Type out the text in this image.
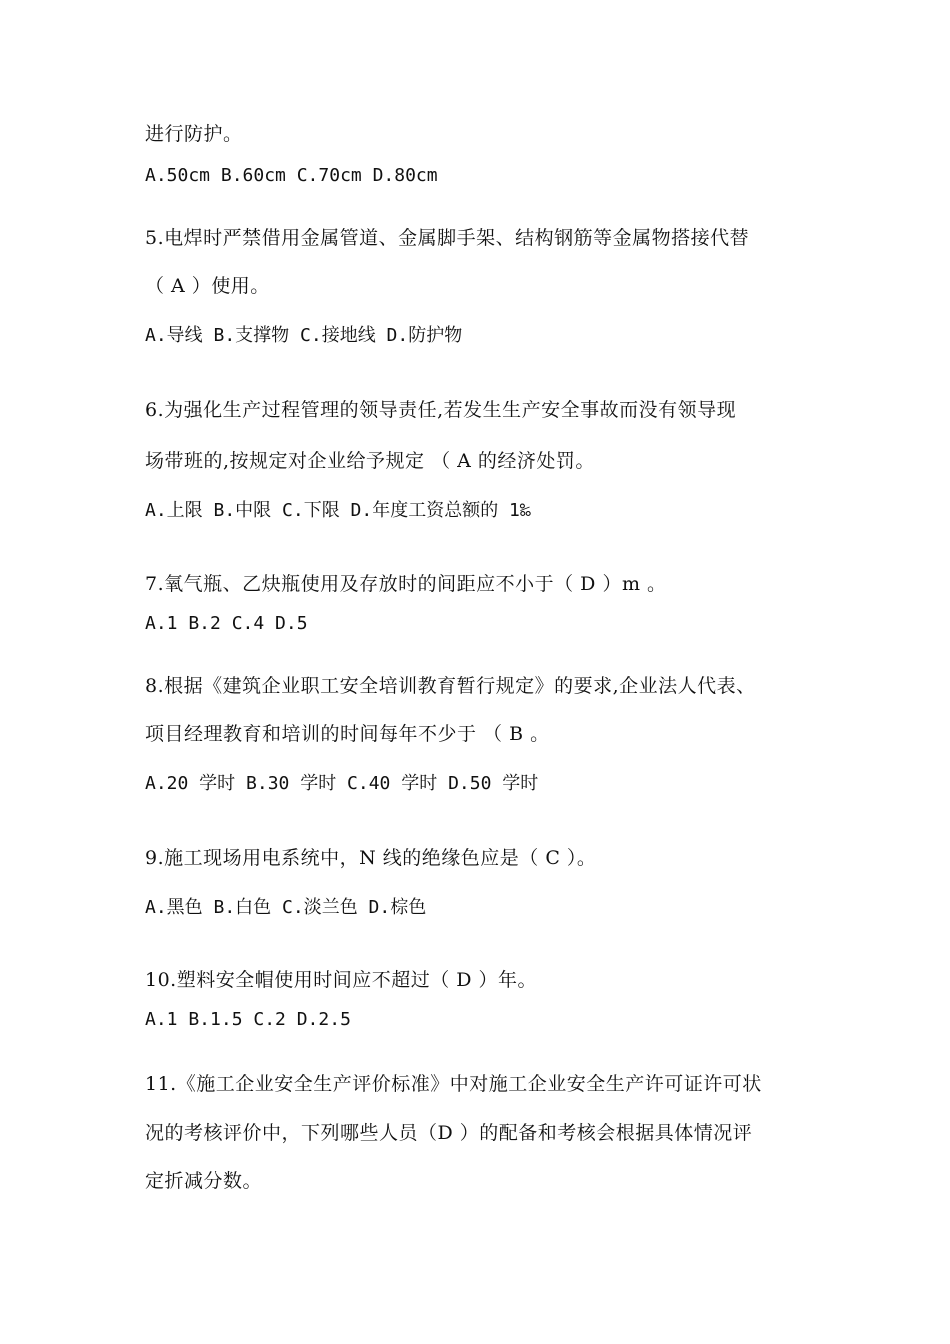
进行防护。
A.50cm B.60cm C.70cm D.80cm
5.电焊时严禁借用金属管道、金属脚手架、结构钢筋等金属物搭接代替
（ A ）使用。
A.导线 B.支撑物 C.接地线 D.防护物
6.为强化生产过程管理的领导责任,若发生生产安全事故而没有领导现
场带班的,按规定对企业给予规定 （ A 的经济处罚。
A.上限 B.中限 C.下限 D.年度工资总额的 1‰
7.氧气瓶、乙炔瓶使用及存放时的间距应不小于（ D ）m 。
A.1 B.2 C.4 D.5
8.根据《建筑企业职工安全培训教育暂行规定》的要求,企业法人代表、
项目经理教育和培训的时间每年不少于 （ B 。
A.20 学时 B.30 学时 C.40 学时 D.50 学时
9.施工现场用电系统中，N 线的绝缘色应是（ C ）。
A.黑色 B.白色 C.淡兰色 D.棕色
10.塑料安全帽使用时间应不超过（ D ）年。
A.1 B.1.5 C.2 D.2.5
11.《施工企业安全生产评价标准》中对施工企业安全生产许可证许可状
况的考核评价中，下列哪些人员（D ）的配备和考核会根据具体情况评
定折减分数。
